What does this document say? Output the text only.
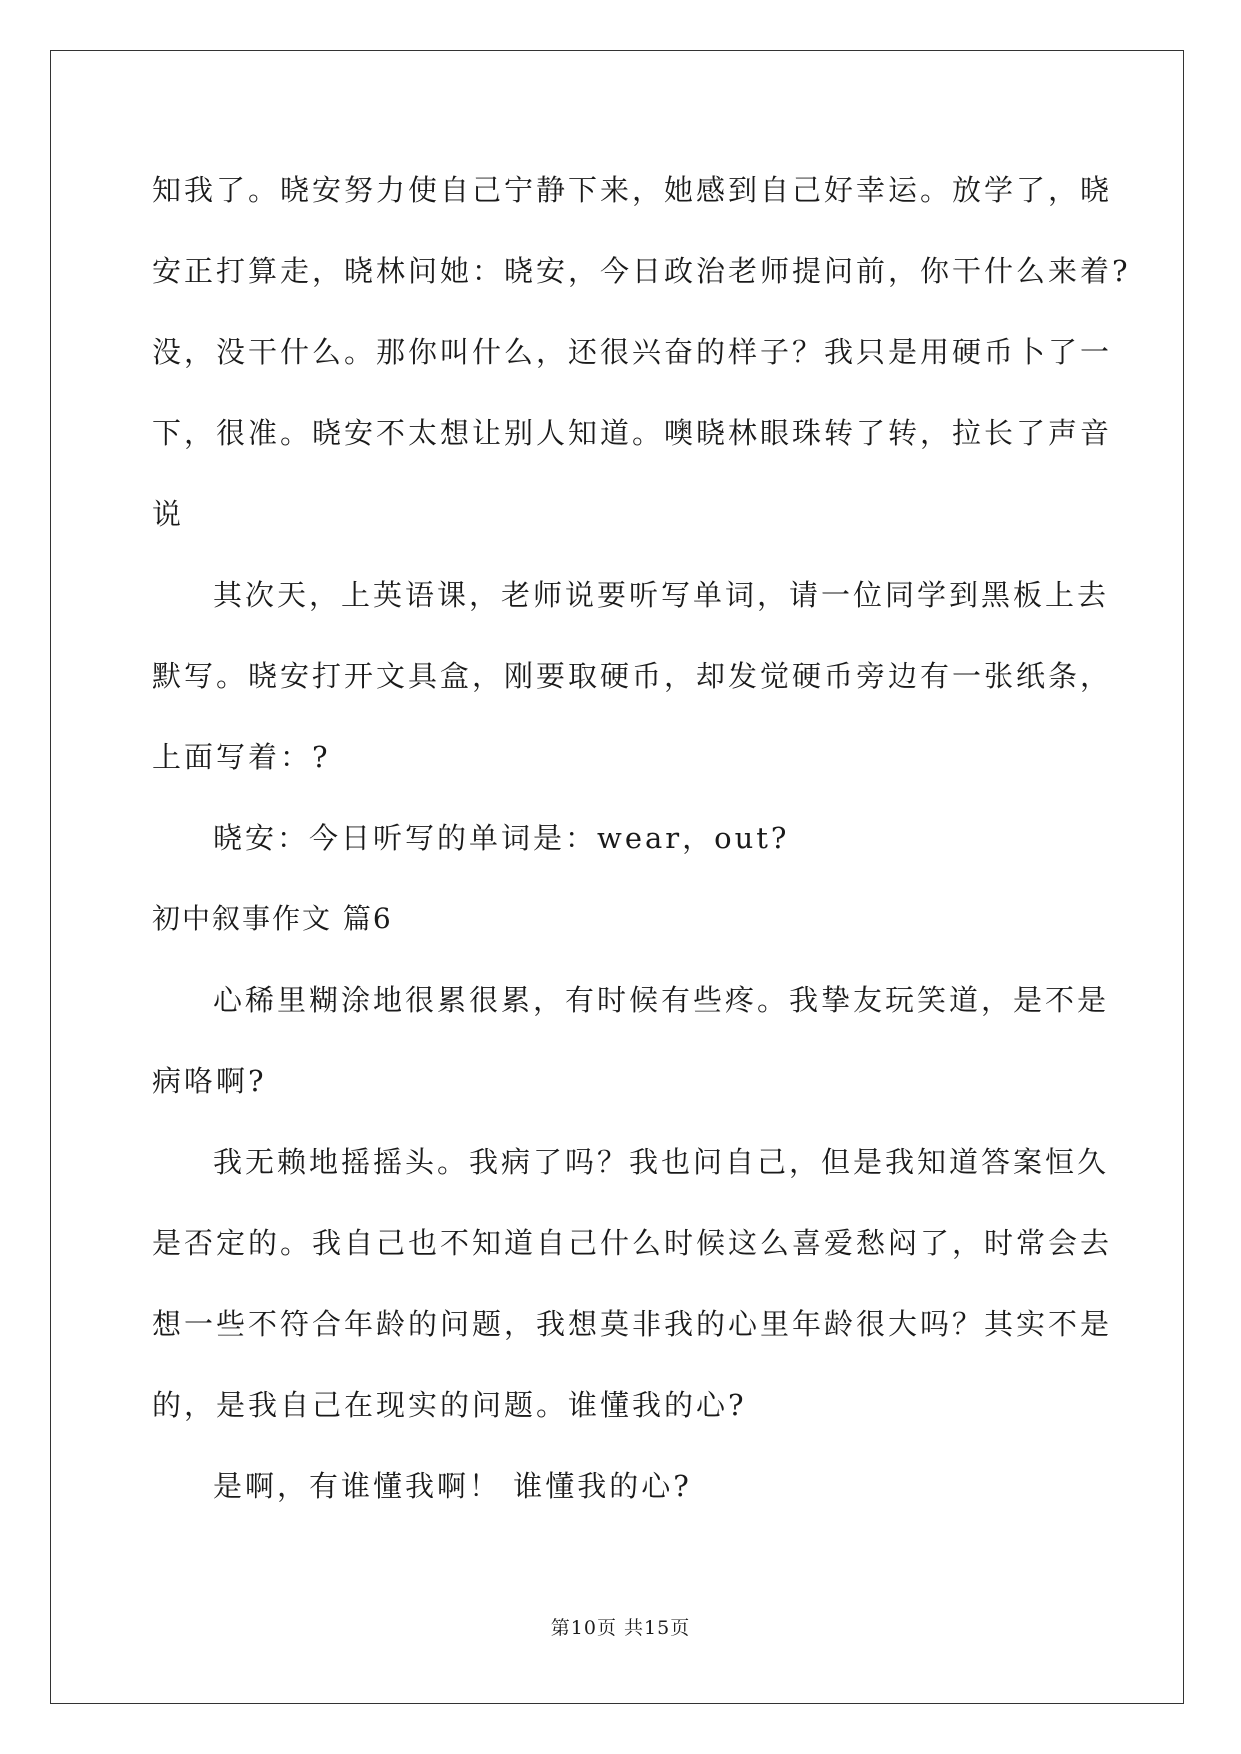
知我了。晓安努力使自己宁静下来，她感到自己好幸运。放学了，晓
安正打算走，晓林问她：晓安，今日政治老师提问前，你干什么来着?
没，没干什么。那你叫什么，还很兴奋的样子？我只是用硬币卜了一
下，很准。晓安不太想让别人知道。噢晓林眼珠转了转，拉长了声音
说
其次天，上英语课，老师说要听写单词，请一位同学到黑板上去
默写。晓安打开文具盒，刚要取硬币，却发觉硬币旁边有一张纸条，
上面写着：?
晓安：今日听写的单词是：wear，out?
初中叙事作文 篇6
心稀里糊涂地很累很累，有时候有些疼。我挚友玩笑道，是不是
病咯啊?
我无赖地摇摇头。我病了吗？我也问自己，但是我知道答案恒久
是否定的。我自己也不知道自己什么时候这么喜爱愁闷了，时常会去
想一些不符合年龄的问题，我想莫非我的心里年龄很大吗？其实不是
的，是我自己在现实的问题。谁懂我的心?
是啊，有谁懂我啊！ 谁懂我的心?
第10页 共15页
